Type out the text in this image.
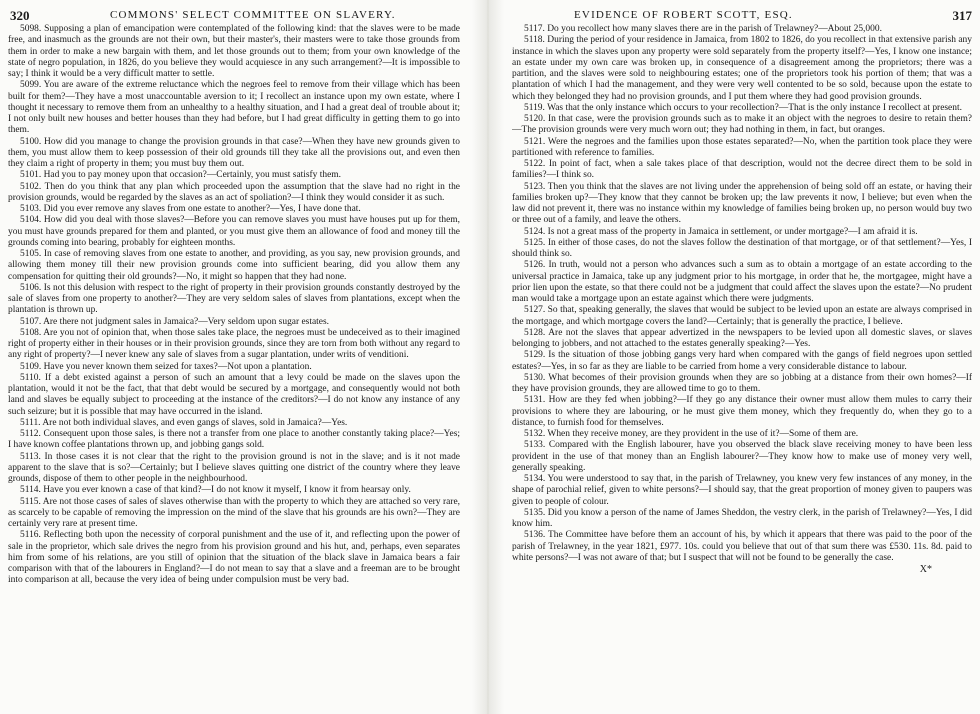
320	COMMONS' SELECT COMMITTEE ON SLAVERY.	EVIDENCE OF ROBERT SCOTT, ESQ.	317

5098. Supposing a plan of emancipation were contemplated of the following kind: that the slaves were to be made free, and inasmuch as the grounds are not their own, but their master's, their masters were to take those grounds from them in order to make a new bargain with them, and let those grounds out to them; from your own knowledge of the state of negro population, in 1826, do you believe they would acquiesce in any such arrangement?—It is impossible to say; I think it would be a very difficult matter to settle.

5099. You are aware of the extreme reluctance which the negroes feel to remove from their village which has been built for them?—They have a most unaccountable aversion to it; I recollect an instance upon my own estate, where I thought it necessary to remove them from an unhealthy to a healthy situation, and I had a great deal of trouble about it; I not only built new houses and better houses than they had before, but I had great difficulty in getting them to go into them.

5100. How did you manage to change the provision grounds in that case?—When they have new grounds given to them, you must allow them to keep possession of their old grounds till they take all the provisions out, and even then they claim a right of property in them; you must buy them out.

5101. Had you to pay money upon that occasion?—Certainly, you must satisfy them.

5102. Then do you think that any plan which proceeded upon the assumption that the slave had no right in the provision grounds, would be regarded by the slaves as an act of spoliation?—I think they would consider it as such.

5103. Did you ever remove any slaves from one estate to another?—Yes, I have done that.

5104. How did you deal with those slaves?—Before you can remove slaves you must have houses put up for them, you must have grounds prepared for them and planted, or you must give them an allowance of food and money till the grounds coming into bearing, probably for eighteen months.

5105. In case of removing slaves from one estate to another, and providing, as you say, new provision grounds, and allowing them money till their new provision grounds come into sufficient bearing, did you allow them any compensation for quitting their old grounds?—No, it might so happen that they had none.

5106. Is not this delusion with respect to the right of property in their provision grounds constantly destroyed by the sale of slaves from one property to another?—They are very seldom sales of slaves from plantations, except when the plantation is thrown up.

5107. Are there not judgment sales in Jamaica?—Very seldom upon sugar estates.

5108. Are you not of opinion that, when those sales take place, the negroes must be undeceived as to their imagined right of property either in their houses or in their provision grounds, since they are torn from both without any regard to any right of property?—I never knew any sale of slaves from a sugar plantation, under writs of venditioni.

5109. Have you never known them seized for taxes?—Not upon a plantation.

5110. If a debt existed against a person of such an amount that a levy could be made on the slaves upon the plantation, would it not be the fact, that that debt would be secured by a mortgage, and consequently would not both land and slaves be equally subject to proceeding at the instance of the creditors?—I do not know any instance of any such seizure; but it is possible that may have occurred in the island.

5111. Are not both individual slaves, and even gangs of slaves, sold in Jamaica?—Yes.

5112. Consequent upon those sales, is there not a transfer from one place to another constantly taking place?—Yes; I have known coffee plantations thrown up, and jobbing gangs sold.

5113. In those cases it is not clear that the right to the provision ground is not in the slave; and is it not made apparent to the slave that is so?—Certainly; but I believe slaves quitting one district of the country where they leave grounds, dispose of them to other people in the neighbourhood.

5114. Have you ever known a case of that kind?—I do not know it myself, I know it from hearsay only.

5115. Are not those cases of sales of slaves otherwise than with the property to which they are attached so very rare, as scarcely to be capable of removing the impression on the mind of the slave that his grounds are his own?—They are certainly very rare at present time.

5116. Reflecting both upon the necessity of corporal punishment and the use of it, and reflecting upon the power of sale in the proprietor, which sale drives the negro from his provision ground and his hut, and, perhaps, even separates him from some of his relations, are you still of opinion that the situation of the black slave in Jamaica bears a fair comparison with that of the labourers in England?—I do not mean to say that a slave and a freeman are to be brought into comparison at all, because the very idea of being under compulsion must be very bad.

5117. Do you recollect how many slaves there are in the parish of Trelawney?—About 25,000.

5118. During the period of your residence in Jamaica, from 1802 to 1826, do you recollect in that extensive parish any instance in which the slaves upon any property were sold separately from the property itself?—Yes, I know one instance; an estate under my own care was broken up, in consequence of a disagreement among the proprietors; there was a partition, and the slaves were sold to neighbouring estates; one of the proprietors took his portion of them; that was a plantation of which I had the management, and they were very well contented to be so sold, because upon the estate to which they belonged they had no provision grounds, and I put them where they had good provision grounds.

5119. Was that the only instance which occurs to your recollection?—That is the only instance I recollect at present.

5120. In that case, were the provision grounds such as to make it an object with the negroes to desire to retain them?—The provision grounds were very much worn out; they had nothing in them, in fact, but oranges.

5121. Were the negroes and the families upon those estates separated?—No, when the partition took place they were partitioned with reference to families.

5122. In point of fact, when a sale takes place of that description, would not the decree direct them to be sold in families?—I think so.

5123. Then you think that the slaves are not living under the apprehension of being sold off an estate, or having their families broken up?—They know that they cannot be broken up; the law prevents it now, I believe; but even when the law did not prevent it, there was no instance within my knowledge of families being broken up, no person would buy two or three out of a family, and leave the others.

5124. Is not a great mass of the property in Jamaica in settlement, or under mortgage?—I am afraid it is.

5125. In either of those cases, do not the slaves follow the destination of that mortgage, or of that settlement?—Yes, I should think so.

5126. In truth, would not a person who advances such a sum as to obtain a mortgage of an estate according to the universal practice in Jamaica, take up any judgment prior to his mortgage, in order that he, the mortgagee, might have a prior lien upon the estate, so that there could not be a judgment that could affect the slaves upon the estate?—No prudent man would take a mortgage upon an estate against which there were judgments.

5127. So that, speaking generally, the slaves that would be subject to be levied upon an estate are always comprised in the mortgage, and which mortgage covers the land?—Certainly; that is generally the practice, I believe.

5128. Are not the slaves that appear advertized in the newspapers to be levied upon all domestic slaves, or slaves belonging to jobbers, and not attached to the estates generally speaking?—Yes.

5129. Is the situation of those jobbing gangs very hard when compared with the gangs of field negroes upon settled estates?—Yes, in so far as they are liable to be carried from home a very considerable distance to labour.

5130. What becomes of their provision grounds when they are so jobbing at a distance from their own homes?—If they have provision grounds, they are allowed time to go to them.

5131. How are they fed when jobbing?—If they go any distance their owner must allow them mules to carry their provisions to where they are labouring, or he must give them money, which they frequently do, when they go to a distance, to furnish food for themselves.

5132. When they receive money, are they provident in the use of it?—Some of them are.

5133. Compared with the English labourer, have you observed the black slave receiving money to have been less provident in the use of that money than an English labourer?—They know how to make use of money very well, generally speaking.

5134. You were understood to say that, in the parish of Trelawney, you knew very few instances of any money, in the shape of parochial relief, given to white persons?—I should say, that the great proportion of money given to paupers was given to people of colour.

5135. Did you know a person of the name of James Sheddon, the vestry clerk, in the parish of Trelawney?—Yes, I did know him.

5136. The Committee have before them an account of his, by which it appears that there was paid to the poor of the parish of Trelawney, in the year 1821, £977. 10s. could you believe that out of that sum there was £530. 11s. 8d. paid to white persons?—I was not aware of that; but I suspect that will not be found to be generally the case.

X*
